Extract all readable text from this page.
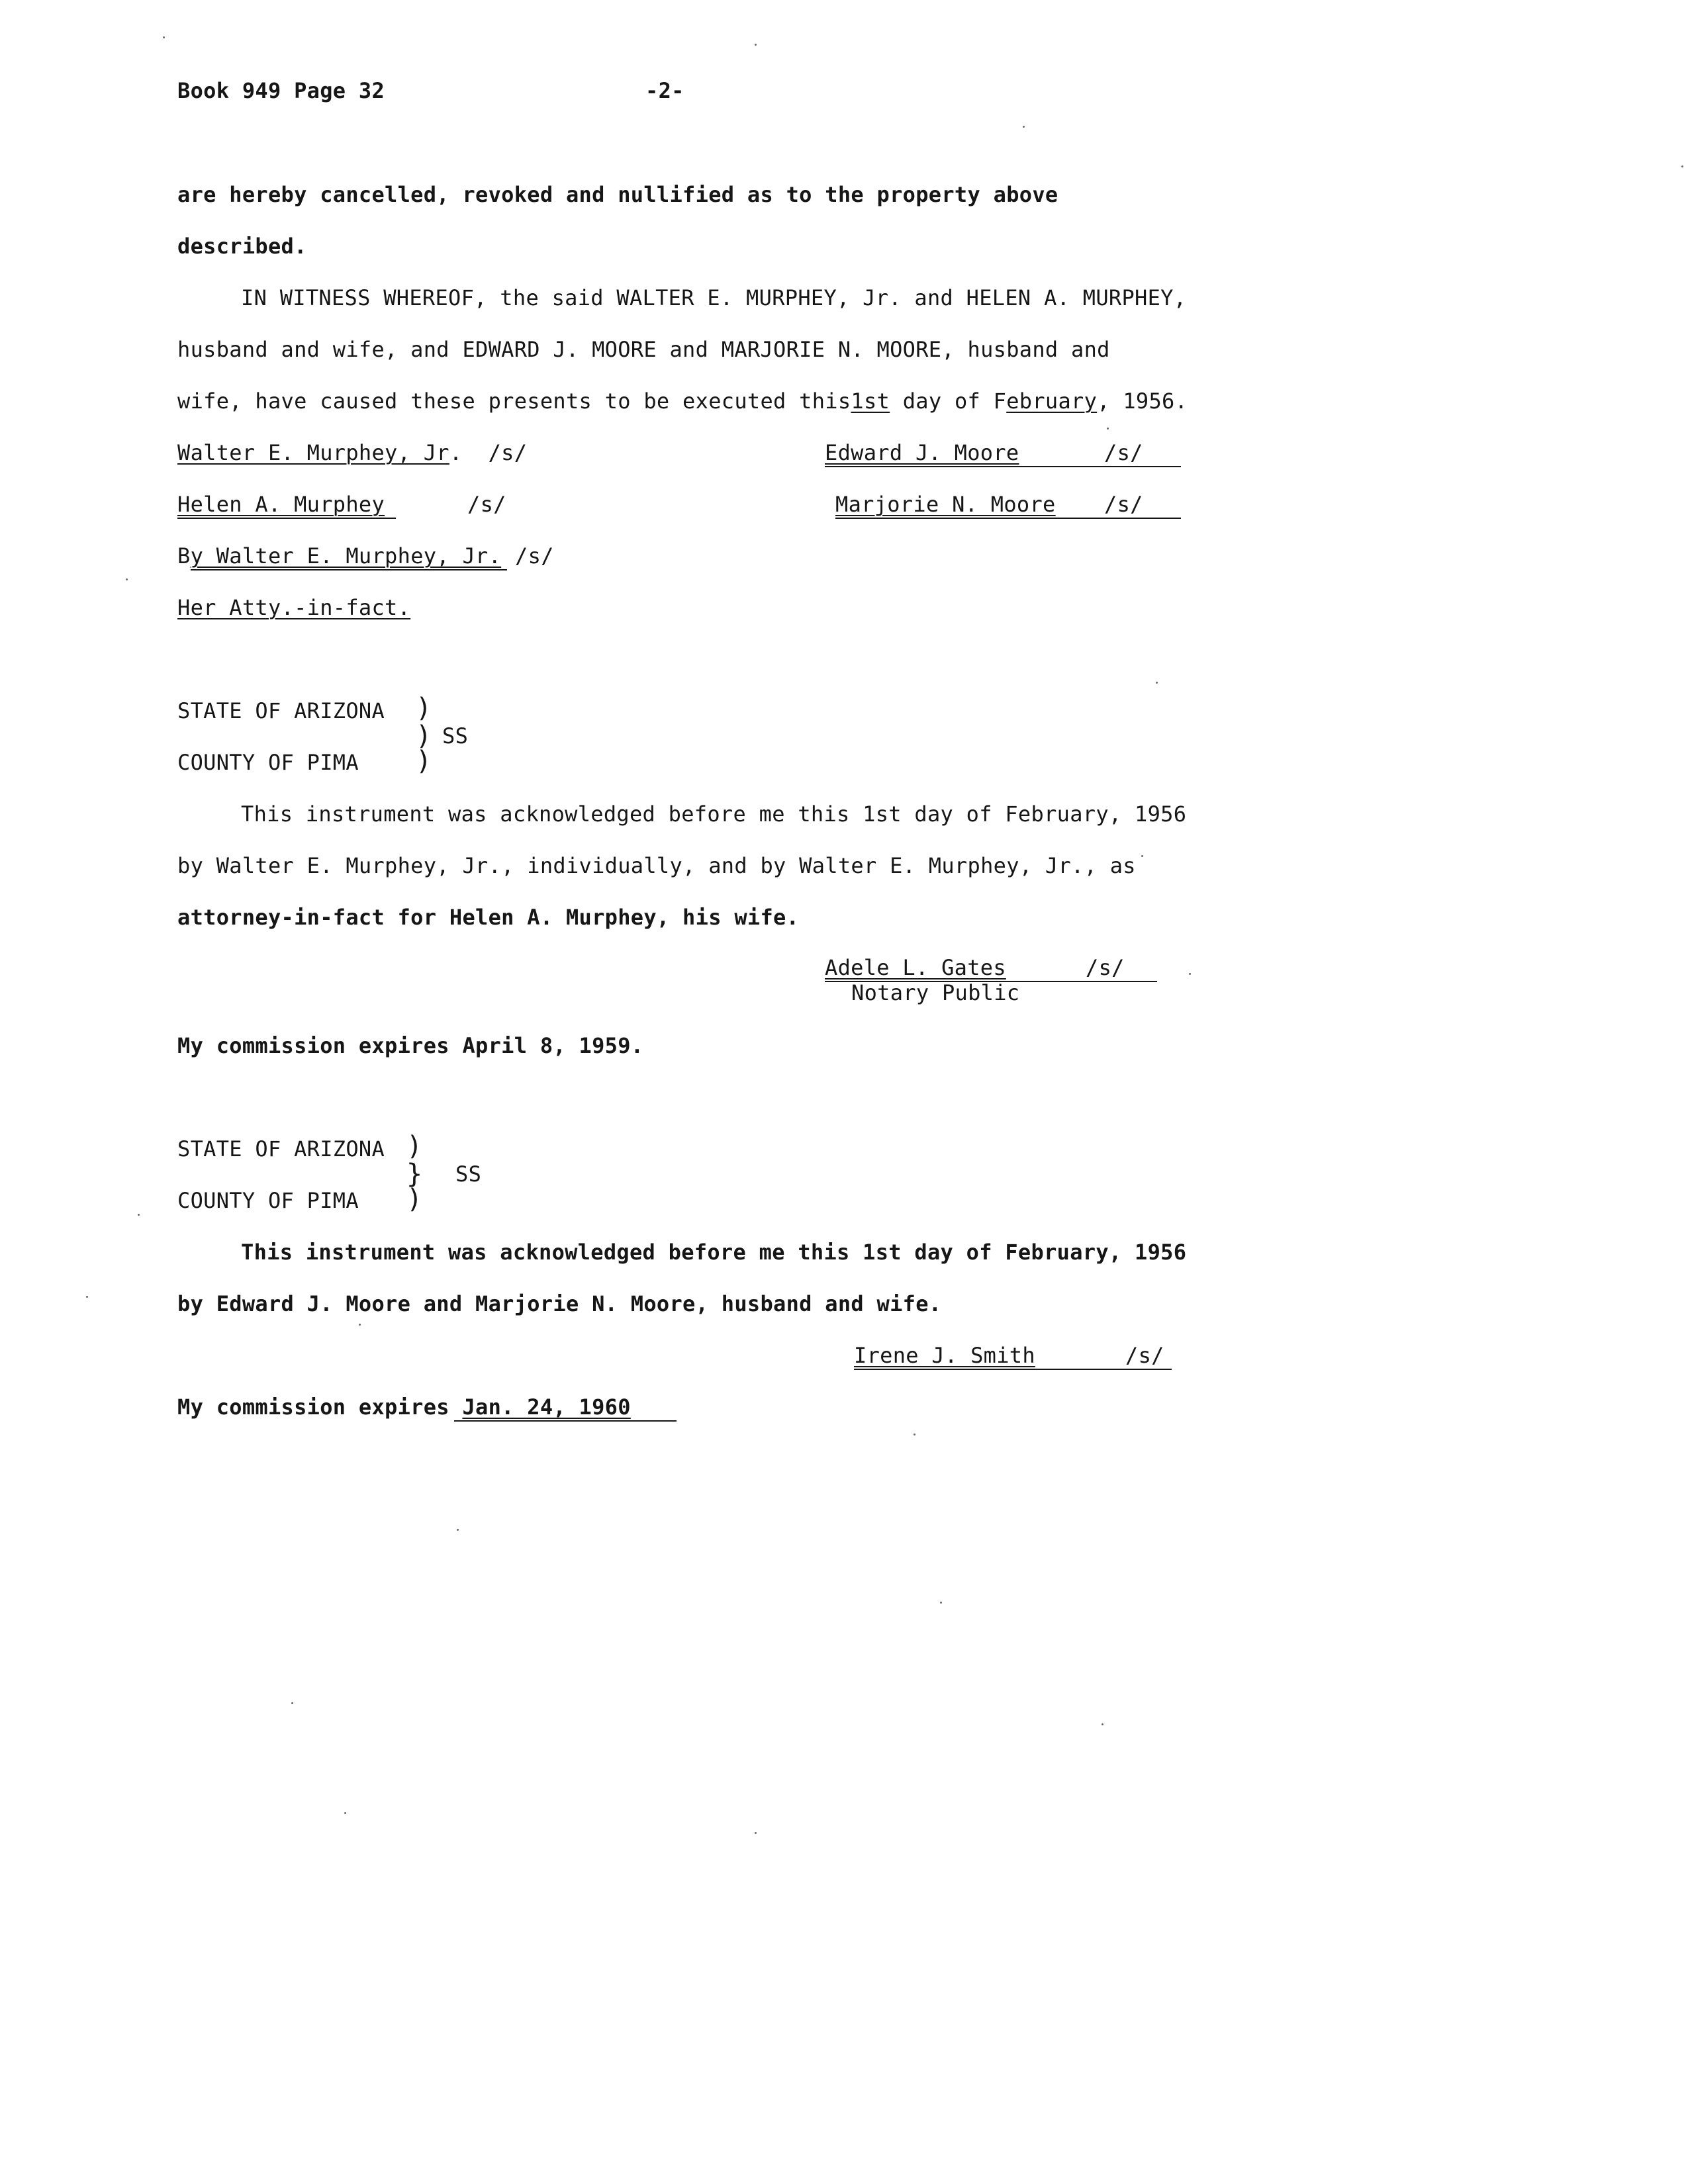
Book 949 Page 32	-2-
are hereby cancelled, revoked and nullified as to the property above
described.
IN WITNESS WHEREOF, the said WALTER E. MURPHEY, Jr. and HELEN A. MURPHEY,
husband and wife, and EDWARD J. MOORE and MARJORIE N. MOORE, husband and
wife, have caused these presents to be executed this1st day of February, 1956.
Walter E. Murphey, Jr. /s/	Edward J. Moore	/s/
Helen A. Murphey	/s/	Marjorie N. Moore /s/
By Walter E. Murphey, Jr. /s/
Her Atty.-in-fact.
STATE OF ARIZONA
COUNTY OF PIMA
)
)
)
SS
This instrument was acknowledged before me this 1st day of February, 1956
by Walter E. Murphey, Jr., individually, and by Walter E. Murphey, Jr., as
attorney-in-fact for Helen A. Murphey, his wife.
Adele L. Gates	/s/
Notary Public
My commission expires April 8, 1959.
STATE OF ARIZONA
COUNTY OF PIMA
)
}
)
SS
This instrument was acknowledged before me this 1st day of February, 1956
by Edward J. Moore and Marjorie N. Moore, husband and wife.
Irene J. Smith	/s/
My commission expires Jan. 24, 1960
